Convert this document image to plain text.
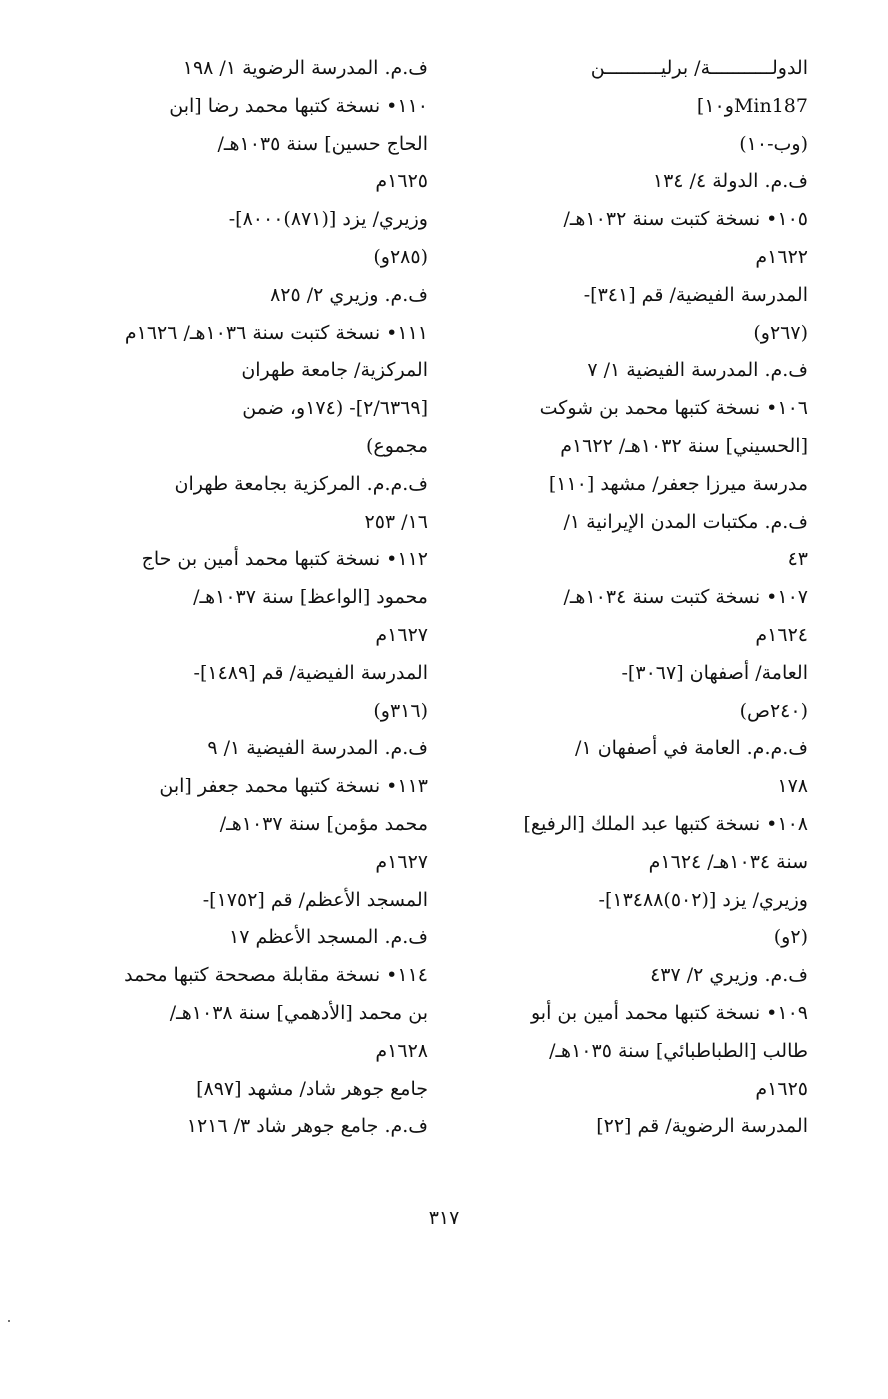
الدولـــــــــــة/ برليــــــــــن
Min187و١٠]
(وب-١٠)
ف.م. الدولة ٤/ ١٣٤
١٠٥• نسخة كتبت سنة ١٠٣٢هـ/
١٦٢٢م
المدرسة الفيضية/ قم [٣٤١]-
(٢٦٧و)
ف.م. المدرسة الفيضية ١/ ٧
١٠٦• نسخة كتبها محمد بن شوكت
[الحسيني] سنة ١٠٣٢هـ/ ١٦٢٢م
مدرسة ميرزا جعفر/ مشهد [١١٠]
ف.م. مكتبات المدن الإيرانية ١/
٤٣
١٠٧• نسخة كتبت سنة ١٠٣٤هـ/
١٦٢٤م
العامة/ أصفهان [٣٠٦٧]-
(٢٤٠ص)
ف.م.م. العامة في أصفهان ١/
١٧٨
١٠٨• نسخة كتبها عبد الملك [الرفيع]
سنة ١٠٣٤هـ/ ١٦٢٤م
وزيري/ يزد [(٥٠٢)١٣٤٨٨]-
(٢و)
ف.م. وزيري ٢/ ٤٣٧
١٠٩• نسخة كتبها محمد أمين بن أبو
طالب [الطباطبائي] سنة ١٠٣٥هـ/
١٦٢٥م
المدرسة الرضوية/ قم [٢٢]
ف.م. المدرسة الرضوية ١/ ١٩٨
١١٠• نسخة كتبها محمد رضا [ابن
الحاج حسين] سنة ١٠٣٥هـ/
١٦٢٥م
وزيري/ يزد [(٨٧١)٨٠٠٠]-
(٢٨٥و)
ف.م. وزيري ٢/ ٨٢٥
١١١• نسخة كتبت سنة ١٠٣٦هـ/ ١٦٢٦م
المركزية/ جامعة طهران
[٢/٦٣٦٩]- (١٧٤و، ضمن
مجموع)
ف.م.م. المركزية بجامعة طهران
١٦/ ٢٥٣
١١٢• نسخة كتبها محمد أمين بن حاج
محمود [الواعظ] سنة ١٠٣٧هـ/
١٦٢٧م
المدرسة الفيضية/ قم [١٤٨٩]-
(٣١٦و)
ف.م. المدرسة الفيضية ١/ ٩
١١٣• نسخة كتبها محمد جعفر [ابن
محمد مؤمن] سنة ١٠٣٧هـ/
١٦٢٧م
المسجد الأعظم/ قم [١٧٥٢]-
ف.م. المسجد الأعظم ١٧
١١٤• نسخة مقابلة مصححة كتبها محمد
بن محمد [الأدهمي] سنة ١٠٣٨هـ/
١٦٢٨م
جامع جوهر شاد/ مشهد [٨٩٧]
ف.م. جامع جوهر شاد ٣/ ١٢١٦
٣١٧
